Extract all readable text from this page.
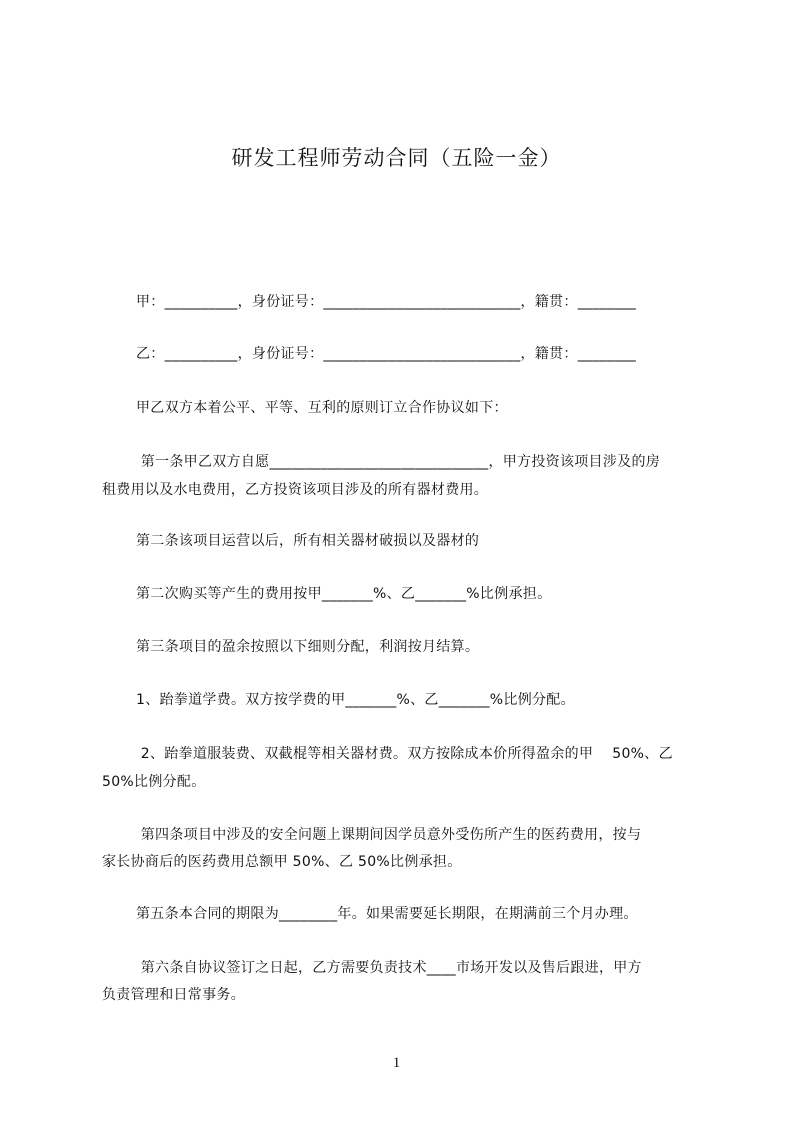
研发工程师劳动合同（五险一金）
甲：__________，身份证号：___________________________，籍贯：________
乙：__________，身份证号：___________________________，籍贯：________
甲乙双方本着公平、平等、互利的原则订立合作协议如下：
第一条甲乙双方自愿______________________________，甲方投资该项目涉及的房
租费用以及水电费用，乙方投资该项目涉及的所有器材费用。
第二条该项目运营以后，所有相关器材破损以及器材的
第二次购买等产生的费用按甲_______%、乙_______%比例承担。
第三条项目的盈余按照以下细则分配，利润按月结算。
1、跆拳道学费。双方按学费的甲_______%、乙_______%比例分配。
2、跆拳道服装费、双截棍等相关器材费。双方按除成本价所得盈余的甲    50%、乙
50%比例分配。
第四条项目中涉及的安全问题上课期间因学员意外受伤所产生的医药费用，按与
家长协商后的医药费用总额甲 50%、乙 50%比例承担。
第五条本合同的期限为________年。如果需要延长期限，在期满前三个月办理。
第六条自协议签订之日起，乙方需要负责技术____市场开发以及售后跟进，甲方
负责管理和日常事务。
1
